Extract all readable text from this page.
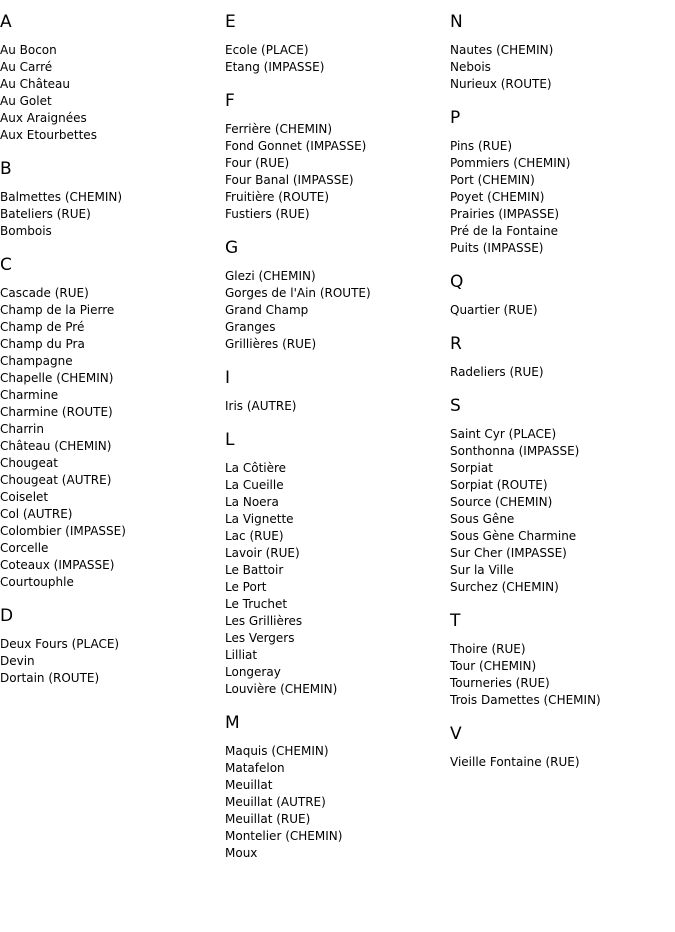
A
Au Bocon
Au Carré
Au Château
Au Golet
Aux Araignées
Aux Etourbettes
B
Balmettes (CHEMIN)
Bateliers (RUE)
Bombois
C
Cascade (RUE)
Champ de la Pierre
Champ de Pré
Champ du Pra
Champagne
Chapelle (CHEMIN)
Charmine
Charmine (ROUTE)
Charrin
Château (CHEMIN)
Chougeat
Chougeat (AUTRE)
Coiselet
Col (AUTRE)
Colombier (IMPASSE)
Corcelle
Coteaux (IMPASSE)
Courtouphle
D
Deux Fours (PLACE)
Devin
Dortain (ROUTE)
E
Ecole (PLACE)
Etang (IMPASSE)
F
Ferrière (CHEMIN)
Fond Gonnet (IMPASSE)
Four (RUE)
Four Banal (IMPASSE)
Fruitière (ROUTE)
Fustiers (RUE)
G
Glezi (CHEMIN)
Gorges de l'Ain (ROUTE)
Grand Champ
Granges
Grillières (RUE)
I
Iris (AUTRE)
L
La Côtière
La Cueille
La Noera
La Vignette
Lac (RUE)
Lavoir (RUE)
Le Battoir
Le Port
Le Truchet
Les Grillières
Les Vergers
Lilliat
Longeray
Louvière (CHEMIN)
M
Maquis (CHEMIN)
Matafelon
Meuillat
Meuillat (AUTRE)
Meuillat (RUE)
Montelier (CHEMIN)
Moux
N
Nautes (CHEMIN)
Nebois
Nurieux (ROUTE)
P
Pins (RUE)
Pommiers (CHEMIN)
Port (CHEMIN)
Poyet (CHEMIN)
Prairies (IMPASSE)
Pré de la Fontaine
Puits (IMPASSE)
Q
Quartier (RUE)
R
Radeliers (RUE)
S
Saint Cyr (PLACE)
Sonthonna (IMPASSE)
Sorpiat
Sorpiat (ROUTE)
Source (CHEMIN)
Sous Gêne
Sous Gène Charmine
Sur Cher (IMPASSE)
Sur la Ville
Surchez (CHEMIN)
T
Thoire (RUE)
Tour (CHEMIN)
Tourneries (RUE)
Trois Damettes (CHEMIN)
V
Vieille Fontaine (RUE)
